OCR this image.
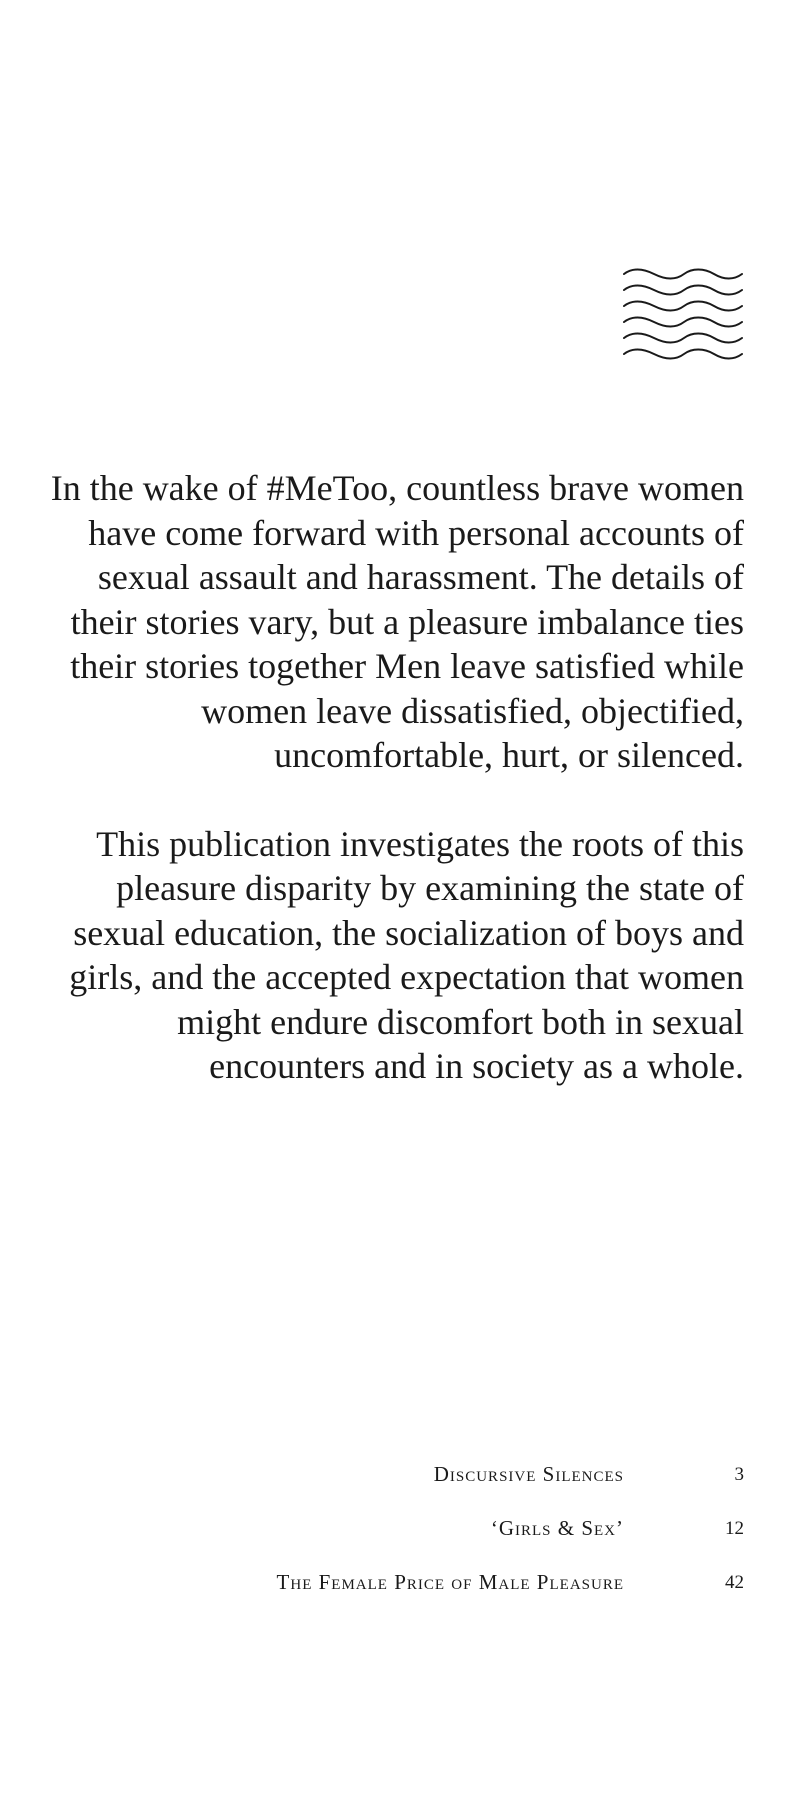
In the wake of #MeToo, countless brave women have come forward with personal accounts of sexual assault and harassment. The details of their stories vary, but a pleasure imbalance ties their stories together Men leave satisfied while women leave dissatisfied, objectified, uncomfortable, hurt, or silenced.

This publication investigates the roots of this pleasure disparity by examining the state of sexual education, the socialization of boys and girls, and the accepted expectation that women might endure discomfort both in sexual encounters and in society as a whole.

Discursive Silences	3
‘Girls & Sex’	12
The Female Price of Male Pleasure	42
